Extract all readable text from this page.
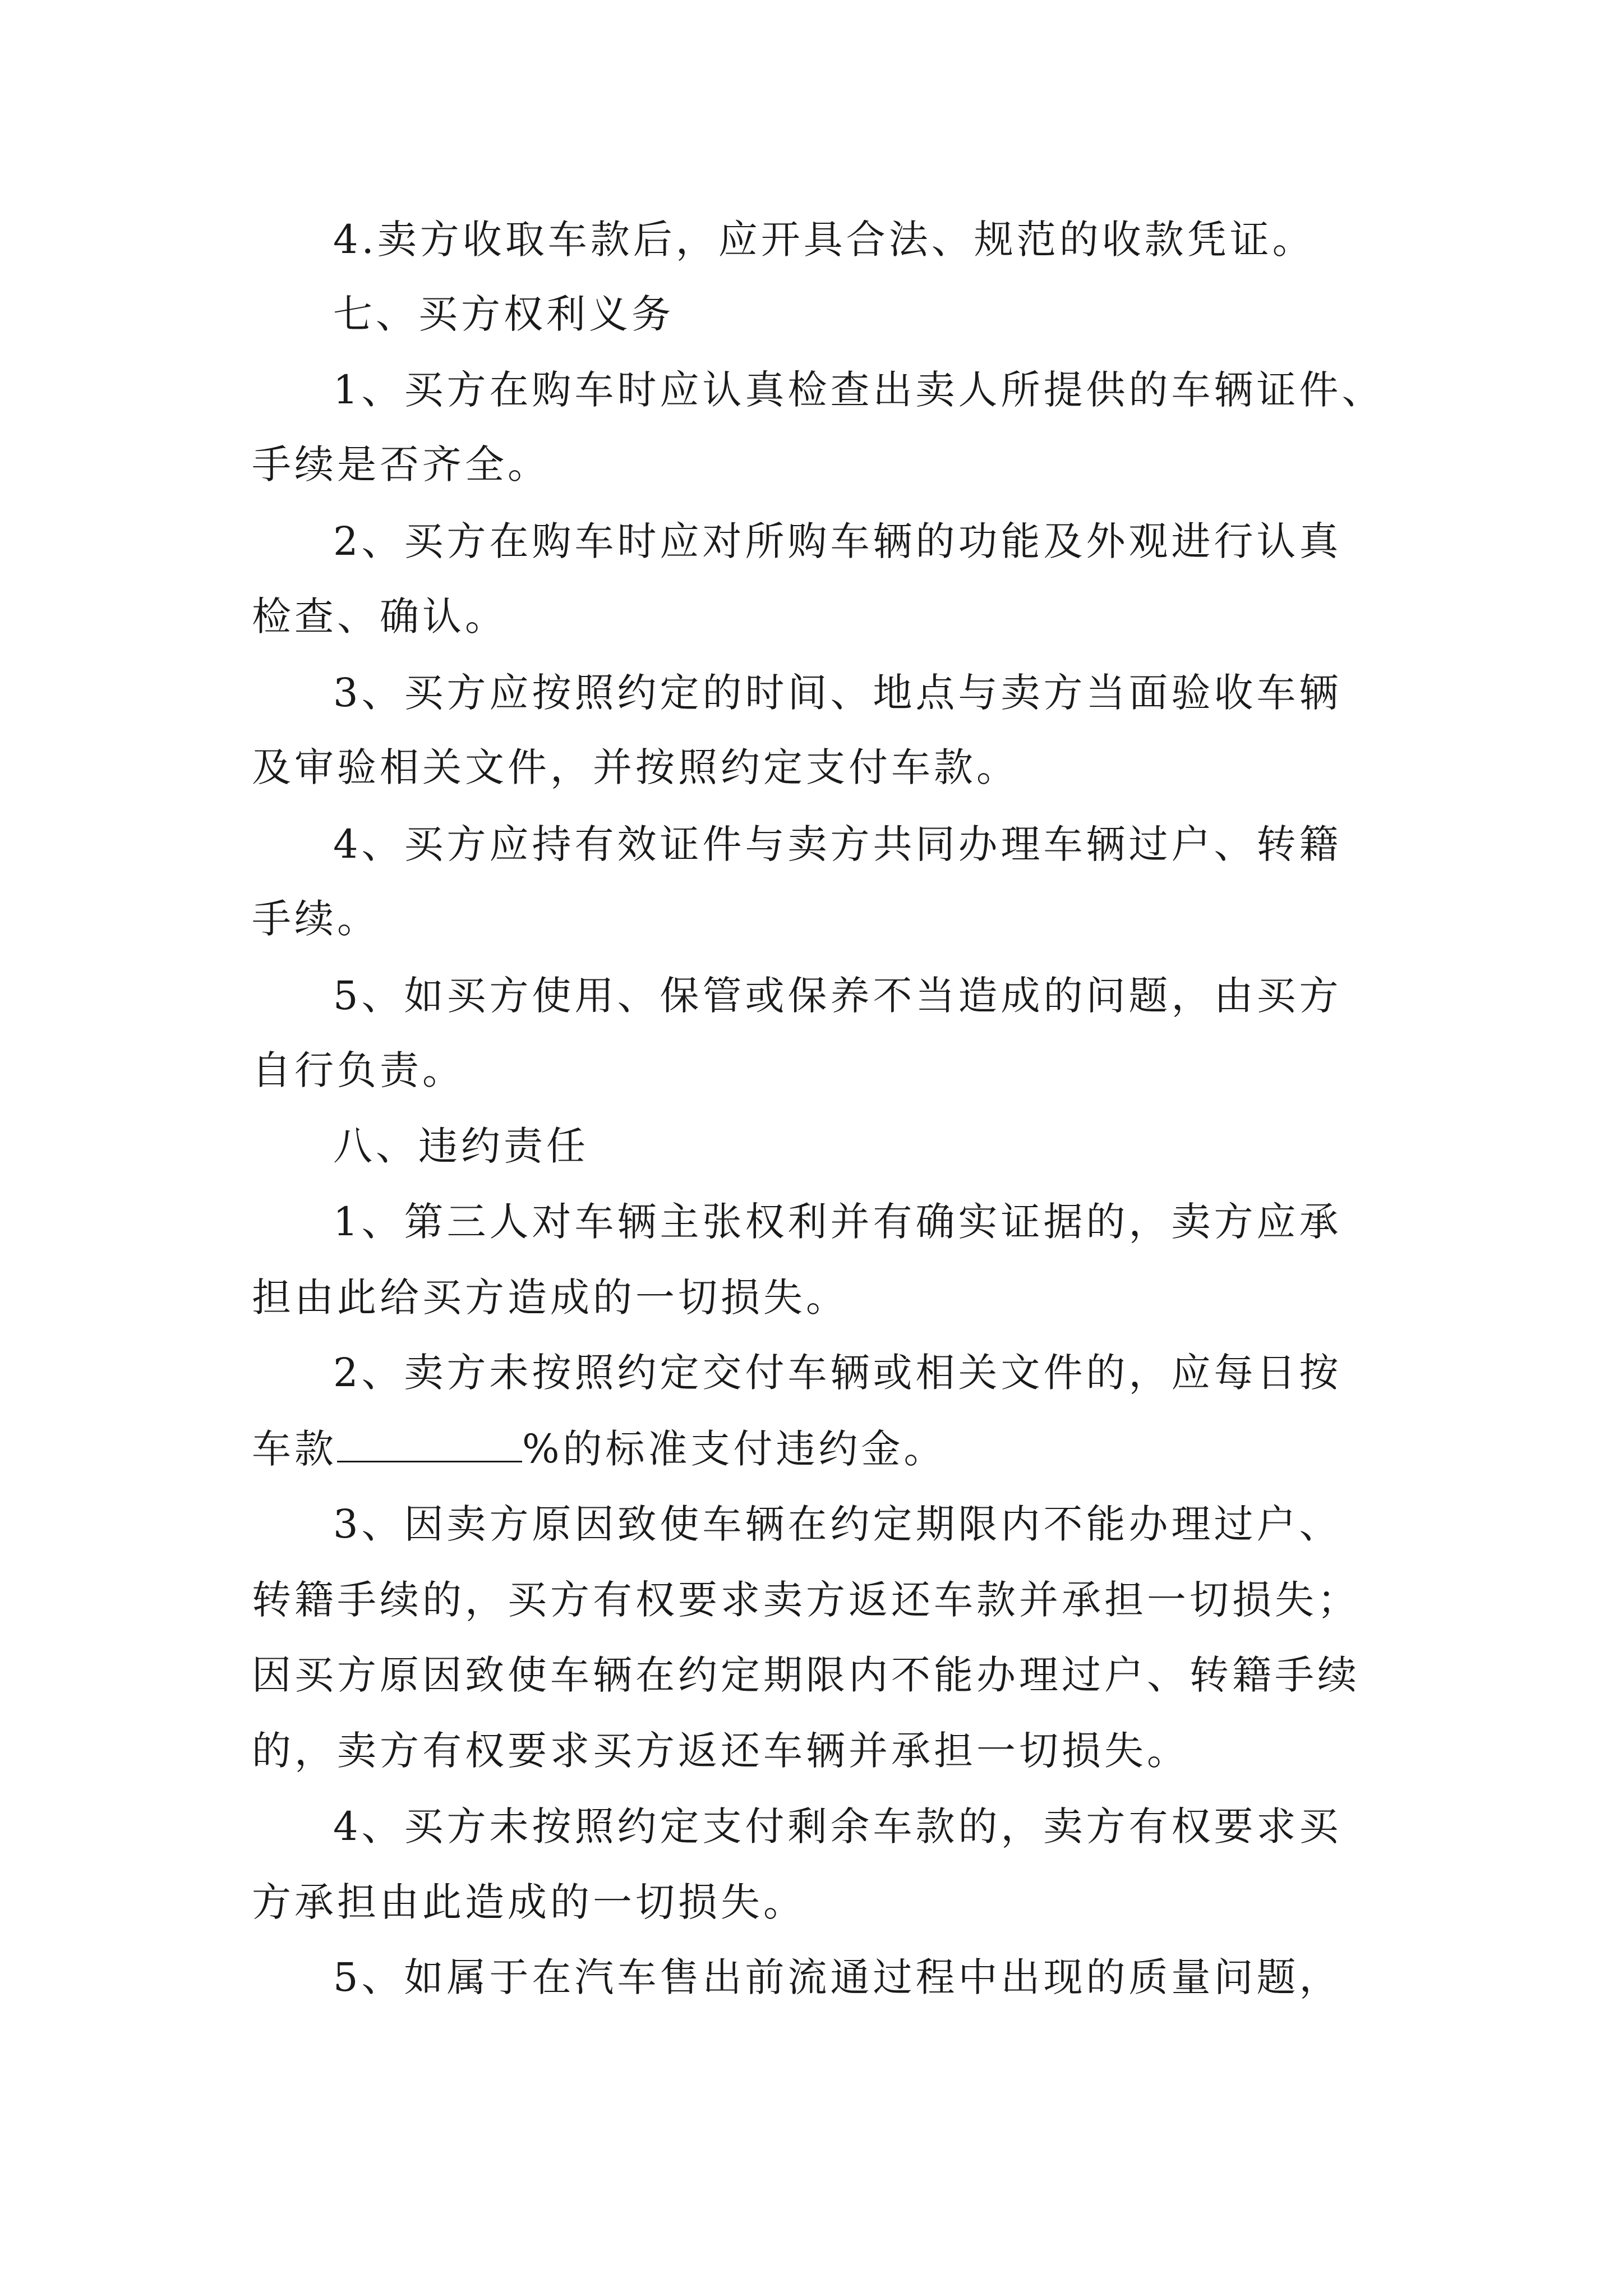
4.卖方收取车款后，应开具合法、规范的收款凭证。
七、买方权利义务
1、买方在购车时应认真检查出卖人所提供的车辆证件、
手续是否齐全。
2、买方在购车时应对所购车辆的功能及外观进行认真
检查、确认。
3、买方应按照约定的时间、地点与卖方当面验收车辆
及审验相关文件，并按照约定支付车款。
4、买方应持有效证件与卖方共同办理车辆过户、转籍
手续。
5、如买方使用、保管或保养不当造成的问题，由买方
自行负责。
八、违约责任
1、第三人对车辆主张权利并有确实证据的，卖方应承
担由此给买方造成的一切损失。
2、卖方未按照约定交付车辆或相关文件的，应每日按
车款	%的标准支付违约金。
3、因卖方原因致使车辆在约定期限内不能办理过户、
转籍手续的，买方有权要求卖方返还车款并承担一切损失；
因买方原因致使车辆在约定期限内不能办理过户、转籍手续
的，卖方有权要求买方返还车辆并承担一切损失。
4、买方未按照约定支付剩余车款的，卖方有权要求买
方承担由此造成的一切损失。
5、如属于在汽车售出前流通过程中出现的质量问题，
